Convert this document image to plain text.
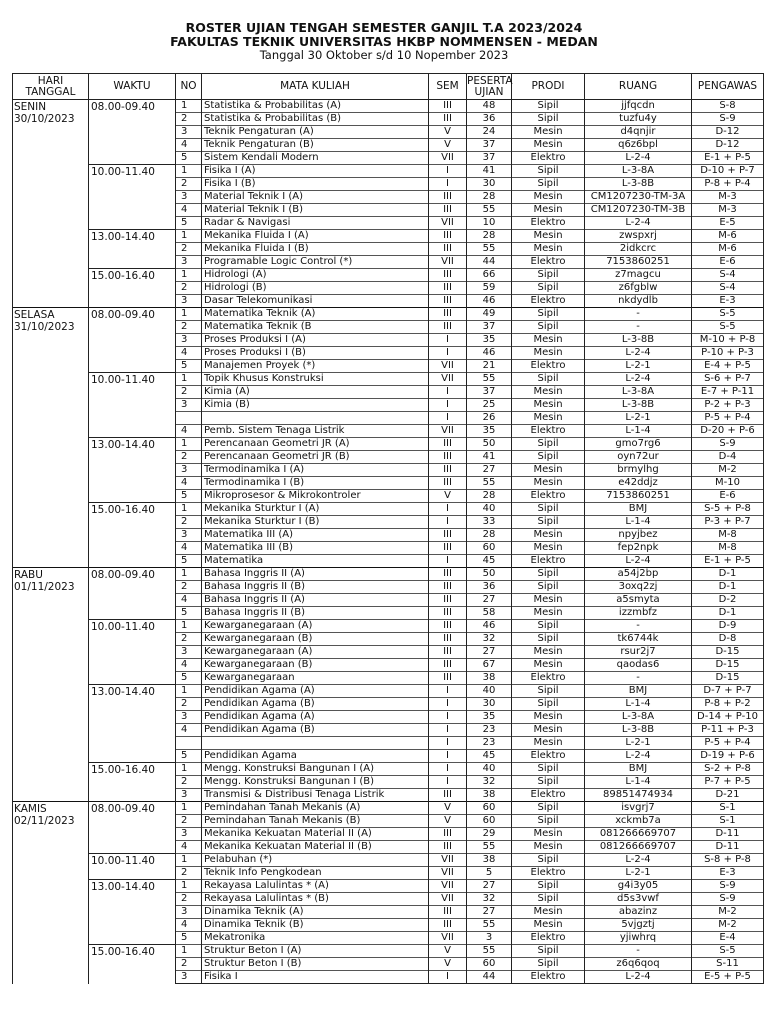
ROSTER UJIAN TENGAH SEMESTER GANJIL T.A 2023/2024
FAKULTAS TEKNIK UNIVERSITAS HKBP NOMMENSEN - MEDAN
Tanggal 30 Oktober s/d 10 Nopember 2023
HARI TANGGAL	WAKTU	NO	MATA KULIAH	SEM	PESERTA UJIAN	PRODI	RUANG	PENGAWAS

SENIN
30/10/2023	08.00-09.40	1	Statistika & Probabilitas (A)	III	48	Sipil	jjfqcdn	S-8
		2	Statistika & Probabilitas (B)	III	36	Sipil	tuzfu4y	S-9
		3	Teknik Pengaturan (A)	V	24	Mesin	d4qnjir	D-12
		4	Teknik Pengaturan (B)	V	37	Mesin	q6z6bpl	D-12
		5	Sistem Kendali Modern	VII	37	Elektro	L-2-4	E-1 + P-5
	10.00-11.40	1	Fisika I (A)	I	41	Sipil	L-3-8A	D-10 + P-7
		2	Fisika I (B)	I	30	Sipil	L-3-8B	P-8 + P-4
		3	Material Teknik I (A)	III	28	Mesin	CM1207230-TM-3A	M-3
		4	Material Teknik I (B)	III	55	Mesin	CM1207230-TM-3B	M-3
		5	Radar & Navigasi	VII	10	Elektro	L-2-4	E-5
	13.00-14.40	1	Mekanika Fluida I (A)	III	28	Mesin	zwspxrj	M-6
		2	Mekanika Fluida I (B)	III	55	Mesin	2idkcrc	M-6
		3	Programable Logic Control (*)	VII	44	Elektro	7153860251	E-6
	15.00-16.40	1	Hidrologi (A)	III	66	Sipil	z7magcu	S-4
		2	Hidrologi (B)	III	59	Sipil	z6fgblw	S-4
		3	Dasar Telekomunikasi	III	46	Elektro	nkdydlb	E-3

SELASA
31/10/2023	08.00-09.40	1	Matematika Teknik (A)	III	49	Sipil	-	S-5
		2	Matematika Teknik (B	III	37	Sipil	-	S-5
		3	Proses Produksi I (A)	I	35	Mesin	L-3-8B	M-10 + P-8
		4	Proses Produksi I (B)	I	46	Mesin	L-2-4	P-10 + P-3
		5	Manajemen Proyek (*)	VII	21	Elektro	L-2-1	E-4 + P-5
	10.00-11.40	1	Topik Khusus Konstruksi	VII	55	Sipil	L-2-4	S-6 + P-7
		2	Kimia (A)	I	37	Mesin	L-3-8A	E-7 + P-11
		3	Kimia (B)	I	25	Mesin	L-3-8B	P-2 + P-3
				I	26	Mesin	L-2-1	P-5 + P-4
		4	Pemb. Sistem Tenaga Listrik	VII	35	Elektro	L-1-4	D-20 + P-6
	13.00-14.40	1	Perencanaan Geometri JR (A)	III	50	Sipil	gmo7rg6	S-9
		2	Perencanaan Geometri JR (B)	III	41	Sipil	oyn72ur	D-4
		3	Termodinamika I (A)	III	27	Mesin	brmylhg	M-2
		4	Termodinamika I (B)	III	55	Mesin	e42ddjz	M-10
		5	Mikroprosesor & Mikrokontroler	V	28	Elektro	7153860251	E-6
	15.00-16.40	1	Mekanika Sturktur I (A)	I	40	Sipil	BMJ	S-5 + P-8
		2	Mekanika Sturktur I (B)	I	33	Sipil	L-1-4	P-3 + P-7
		3	Matematika III (A)	III	28	Mesin	npyjbez	M-8
		4	Matematika III (B)	III	60	Mesin	fep2npk	M-8
		5	Matematika	I	45	Elektro	L-2-4	E-1 + P-5

RABU
01/11/2023	08.00-09.40	1	Bahasa Inggris II (A)	III	50	Sipil	a54j2bp	D-1
		2	Bahasa Inggris II (B)	III	36	Sipil	3oxq2zj	D-1
		4	Bahasa Inggris II (A)	III	27	Mesin	a5smyta	D-2
		5	Bahasa Inggris II (B)	III	58	Mesin	izzmbfz	D-1
	10.00-11.40	1	Kewarganegaraan (A)	III	46	Sipil	-	D-9
		2	Kewarganegaraan (B)	III	32	Sipil	tk6744k	D-8
		3	Kewarganegaraan (A)	III	27	Mesin	rsur2j7	D-15
		4	Kewarganegaraan (B)	III	67	Mesin	qaodas6	D-15
		5	Kewarganegaraan	III	38	Elektro	-	D-15
	13.00-14.40	1	Pendidikan Agama (A)	I	40	Sipil	BMJ	D-7 + P-7
		2	Pendidikan Agama (B)	I	30	Sipil	L-1-4	P-8 + P-2
		3	Pendidikan Agama (A)	I	35	Mesin	L-3-8A	D-14 + P-10
		4	Pendidikan Agama (B)	I	23	Mesin	L-3-8B	P-11 + P-3
				I	23	Mesin	L-2-1	P-5 + P-4
		5	Pendidikan Agama	I	45	Elektro	L-2-4	D-19 + P-6
	15.00-16.40	1	Mengg. Konstruksi Bangunan I (A)	I	40	Sipil	BMJ	S-2 + P-8
		2	Mengg. Konstruksi Bangunan I (B)	I	32	Sipil	L-1-4	P-7 + P-5
		3	Transmisi & Distribusi Tenaga Listrik	III	38	Elektro	89851474934	D-21

KAMIS
02/11/2023	08.00-09.40	1	Pemindahan Tanah Mekanis (A)	V	60	Sipil	isvgrj7	S-1
		2	Pemindahan Tanah Mekanis (B)	V	60	Sipil	xckmb7a	S-1
		3	Mekanika Kekuatan Material II (A)	III	29	Mesin	081266669707	D-11
		4	Mekanika Kekuatan Material II (B)	III	55	Mesin	081266669707	D-11
	10.00-11.40	1	Pelabuhan (*)	VII	38	Sipil	L-2-4	S-8 + P-8
		2	Teknik Info Pengkodean	VII	5	Elektro	L-2-1	E-3
	13.00-14.40	1	Rekayasa Lalulintas * (A)	VII	27	Sipil	g4i3y05	S-9
		2	Rekayasa Lalulintas * (B)	VII	32	Sipil	d5s3vwf	S-9
		3	Dinamika Teknik (A)	III	27	Mesin	abazinz	M-2
		4	Dinamika Teknik (B)	III	55	Mesin	5vjgztj	M-2
		5	Mekatronika	VII	3	Elektro	yjiwhrq	E-4
	15.00-16.40	1	Struktur Beton I (A)	V	55	Sipil	-	S-5
		2	Struktur Beton I (B)	V	60	Sipil	z6q6qoq	S-11
		3	Fisika I	I	44	Elektro	L-2-4	E-5 + P-5
